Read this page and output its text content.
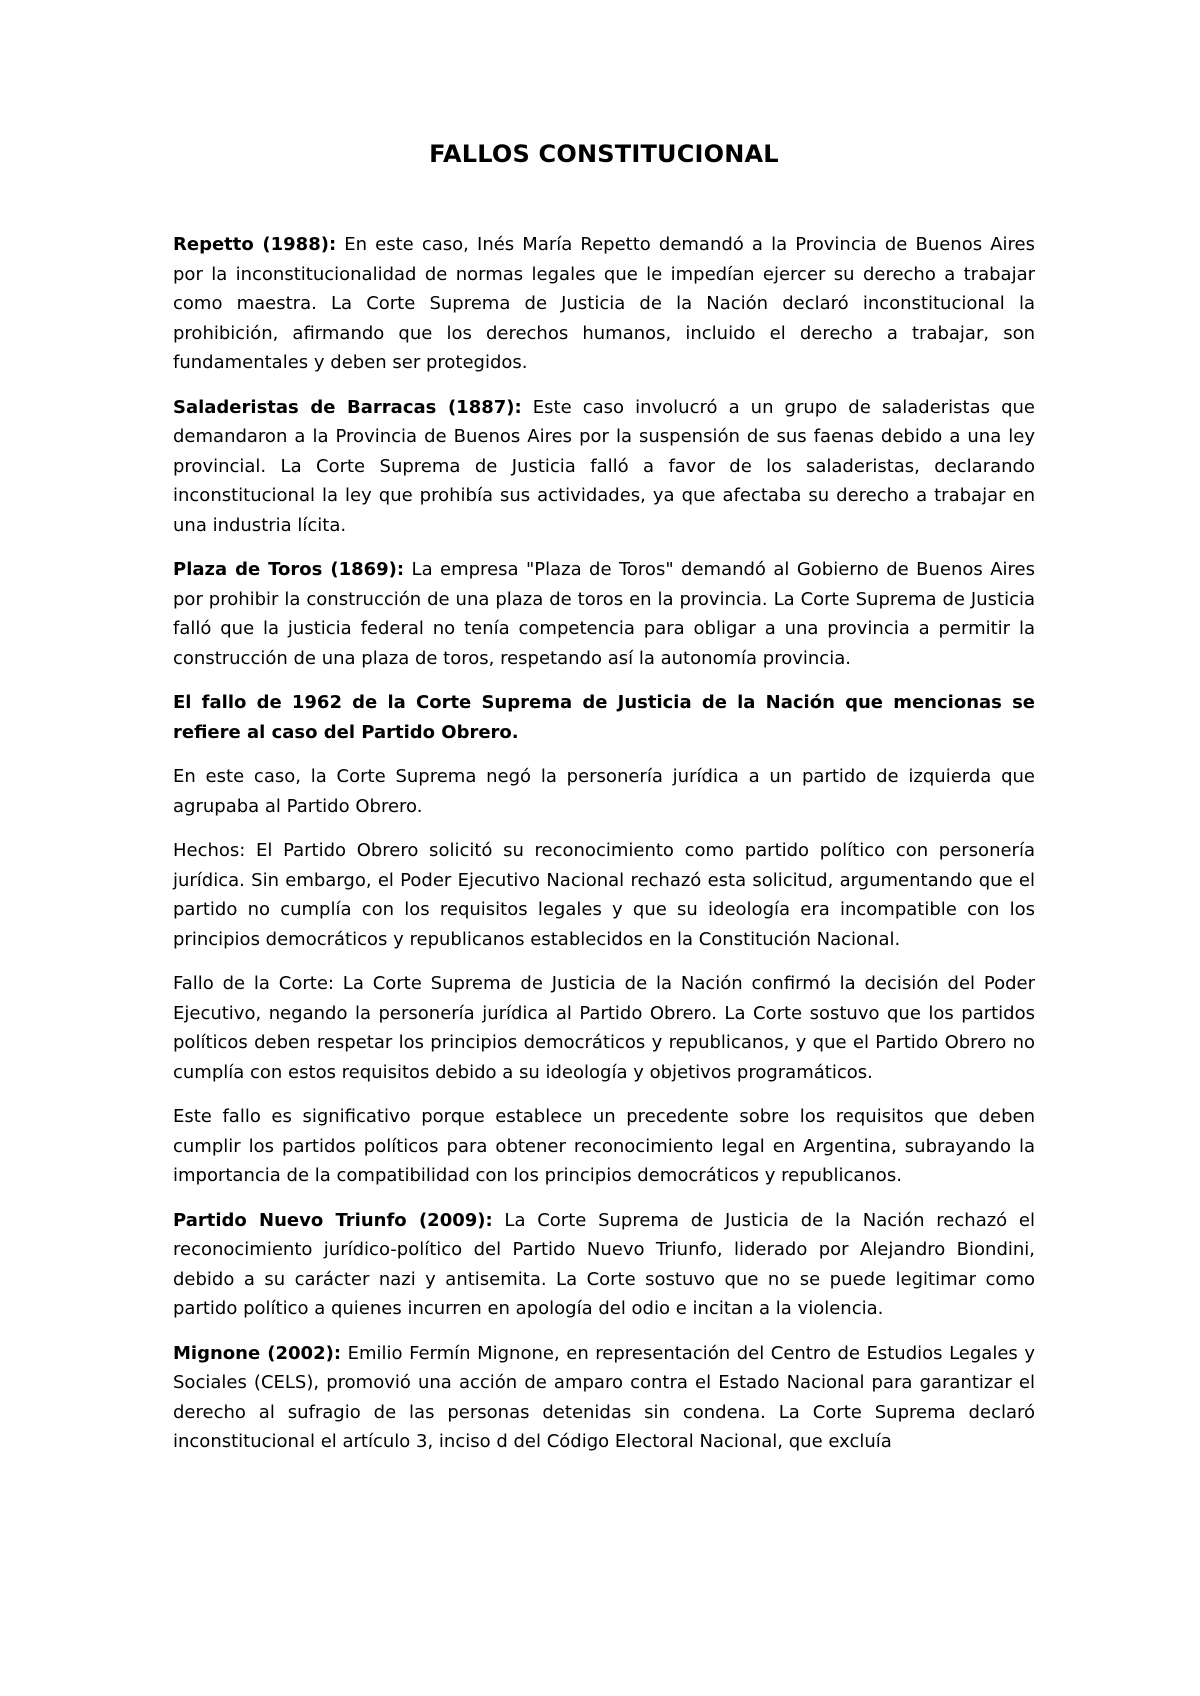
FALLOS CONSTITUCIONAL

Repetto (1988): En este caso, Inés María Repetto demandó a la Provincia de Buenos Aires por la inconstitucionalidad de normas legales que le impedían ejercer su derecho a trabajar como maestra. La Corte Suprema de Justicia de la Nación declaró inconstitucional la prohibición, afirmando que los derechos humanos, incluido el derecho a trabajar, son fundamentales y deben ser protegidos.

Saladeristas de Barracas (1887): Este caso involucró a un grupo de saladeristas que demandaron a la Provincia de Buenos Aires por la suspensión de sus faenas debido a una ley provincial. La Corte Suprema de Justicia falló a favor de los saladeristas, declarando inconstitucional la ley que prohibía sus actividades, ya que afectaba su derecho a trabajar en una industria lícita.

Plaza de Toros (1869): La empresa "Plaza de Toros" demandó al Gobierno de Buenos Aires por prohibir la construcción de una plaza de toros en la provincia. La Corte Suprema de Justicia falló que la justicia federal no tenía competencia para obligar a una provincia a permitir la construcción de una plaza de toros, respetando así la autonomía provincia.

El fallo de 1962 de la Corte Suprema de Justicia de la Nación que mencionas se refiere al caso del Partido Obrero.

En este caso, la Corte Suprema negó la personería jurídica a un partido de izquierda que agrupaba al Partido Obrero.

Hechos: El Partido Obrero solicitó su reconocimiento como partido político con personería jurídica. Sin embargo, el Poder Ejecutivo Nacional rechazó esta solicitud, argumentando que el partido no cumplía con los requisitos legales y que su ideología era incompatible con los principios democráticos y republicanos establecidos en la Constitución Nacional.

Fallo de la Corte: La Corte Suprema de Justicia de la Nación confirmó la decisión del Poder Ejecutivo, negando la personería jurídica al Partido Obrero. La Corte sostuvo que los partidos políticos deben respetar los principios democráticos y republicanos, y que el Partido Obrero no cumplía con estos requisitos debido a su ideología y objetivos programáticos.

Este fallo es significativo porque establece un precedente sobre los requisitos que deben cumplir los partidos políticos para obtener reconocimiento legal en Argentina, subrayando la importancia de la compatibilidad con los principios democráticos y republicanos.

Partido Nuevo Triunfo (2009): La Corte Suprema de Justicia de la Nación rechazó el reconocimiento jurídico-político del Partido Nuevo Triunfo, liderado por Alejandro Biondini, debido a su carácter nazi y antisemita. La Corte sostuvo que no se puede legitimar como partido político a quienes incurren en apología del odio e incitan a la violencia.

Mignone (2002): Emilio Fermín Mignone, en representación del Centro de Estudios Legales y Sociales (CELS), promovió una acción de amparo contra el Estado Nacional para garantizar el derecho al sufragio de las personas detenidas sin condena. La Corte Suprema declaró inconstitucional el artículo 3, inciso d del Código Electoral Nacional, que excluía
